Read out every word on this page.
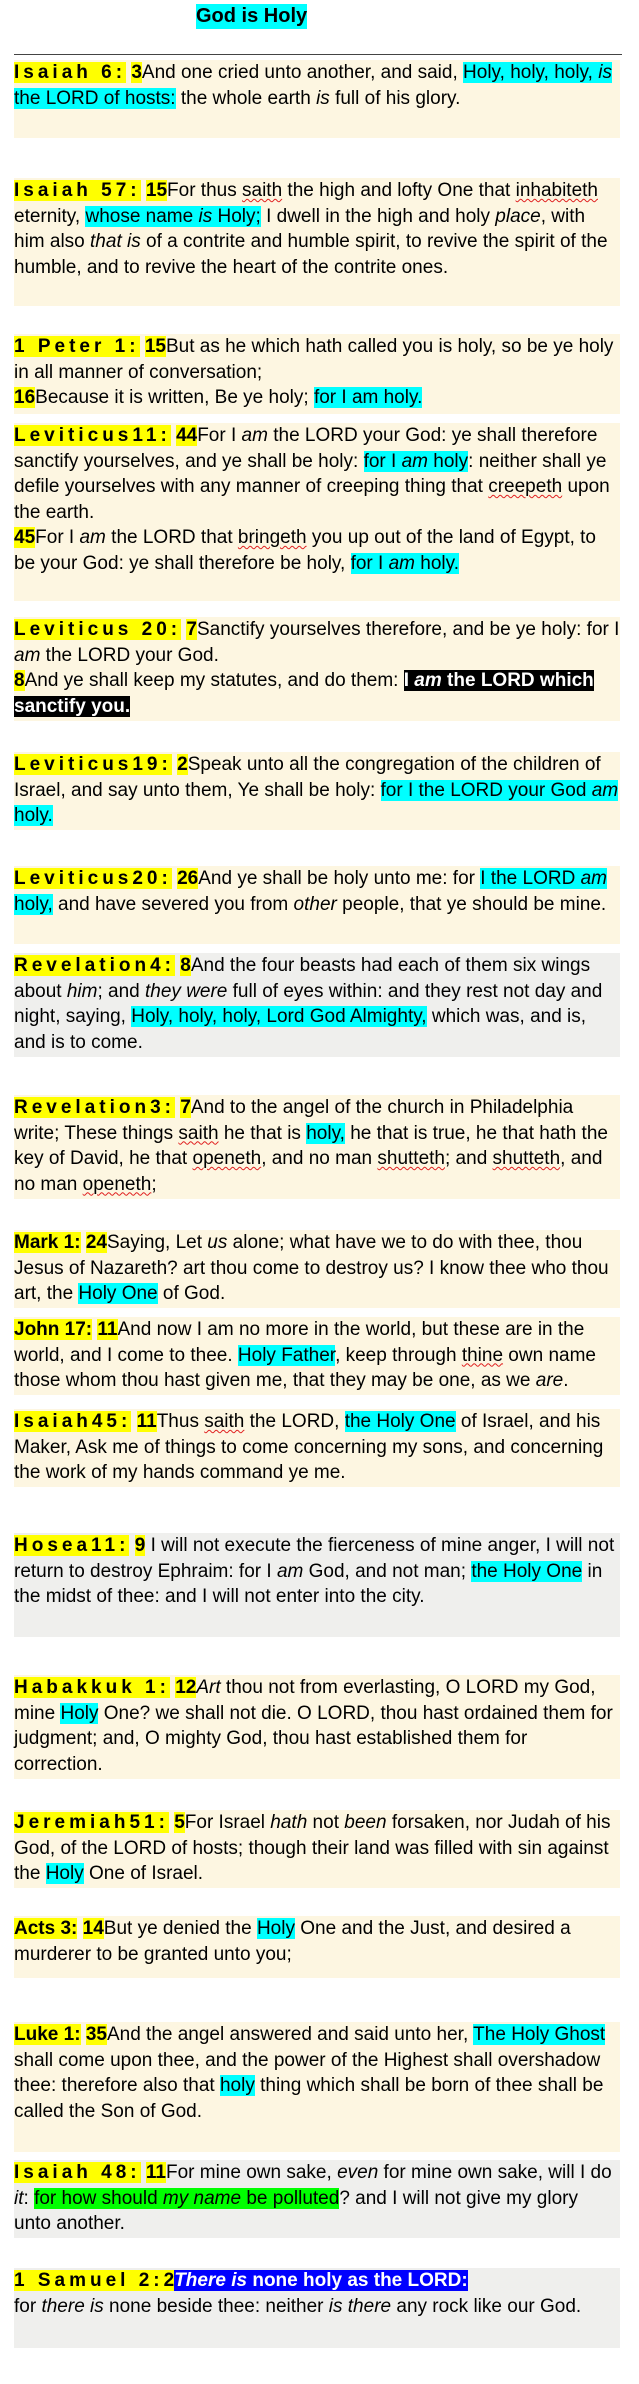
God is Holy
Isaiah 6: 3And one cried unto another, and said, Holy, holy, holy, is the LORD of hosts: the whole earth is full of his glory.
Isaiah 57: 15For thus saith the high and lofty One that inhabiteth eternity, whose name is Holy; I dwell in the high and holy place, with him also that is of a contrite and humble spirit, to revive the spirit of the humble, and to revive the heart of the contrite ones.
1 Peter 1: 15But as he which hath called you is holy, so be ye holy in all manner of conversation;
16Because it is written, Be ye holy; for I am holy.
Leviticus11: 44For I am the LORD your God: ye shall therefore sanctify yourselves, and ye shall be holy: for I am holy: neither shall ye defile yourselves with any manner of creeping thing that creepeth upon the earth.
45For I am the LORD that bringeth you up out of the land of Egypt, to be your God: ye shall therefore be holy, for I am holy.
Leviticus 20: 7Sanctify yourselves therefore, and be ye holy: for I am the LORD your God.
8And ye shall keep my statutes, and do them: I am the LORD which sanctify you.
Leviticus19: 2Speak unto all the congregation of the children of Israel, and say unto them, Ye shall be holy: for I the LORD your God am holy.
Leviticus20: 26And ye shall be holy unto me: for I the LORD am holy, and have severed you from other people, that ye should be mine.
Revelation4: 8And the four beasts had each of them six wings about him; and they were full of eyes within: and they rest not day and night, saying, Holy, holy, holy, Lord God Almighty, which was, and is, and is to come.
Revelation3: 7And to the angel of the church in Philadelphia write; These things saith he that is holy, he that is true, he that hath the key of David, he that openeth, and no man shutteth; and shutteth, and no man openeth;
Mark 1: 24Saying, Let us alone; what have we to do with thee, thou Jesus of Nazareth? art thou come to destroy us? I know thee who thou art, the Holy One of God.
John 17: 11And now I am no more in the world, but these are in the world, and I come to thee. Holy Father, keep through thine own name those whom thou hast given me, that they may be one, as we are.
Isaiah45: 11Thus saith the LORD, the Holy One of Israel, and his Maker, Ask me of things to come concerning my sons, and concerning the work of my hands command ye me.
Hosea11: 9 I will not execute the fierceness of mine anger, I will not return to destroy Ephraim: for I am God, and not man; the Holy One in the midst of thee: and I will not enter into the city.
Habakkuk 1: 12Art thou not from everlasting, O LORD my God, mine Holy One? we shall not die. O LORD, thou hast ordained them for judgment; and, O mighty God, thou hast established them for correction.
Jeremiah51: 5For Israel hath not been forsaken, nor Judah of his God, of the LORD of hosts; though their land was filled with sin against the Holy One of Israel.
Acts 3: 14But ye denied the Holy One and the Just, and desired a murderer to be granted unto you;
Luke 1: 35And the angel answered and said unto her, The Holy Ghost shall come upon thee, and the power of the Highest shall overshadow thee: therefore also that holy thing which shall be born of thee shall be called the Son of God.
Isaiah 48: 11For mine own sake, even for mine own sake, will I do it: for how should my name be polluted? and I will not give my glory unto another.
1 Samuel 2:2There is none holy as the LORD:
for there is none beside thee: neither is there any rock like our God.
